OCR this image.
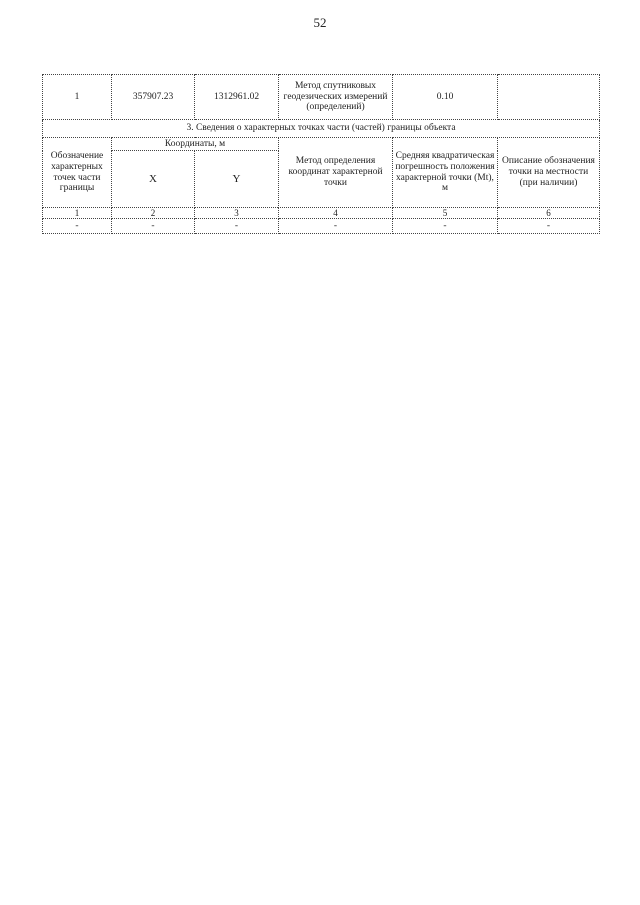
52
1	357907.23	1312961.02	Метод спутниковых геодезических измерений (определений)	0.10	
3. Сведения о характерных точках части (частей) границы объекта					
Обозначение характерных точек части границы	Координаты, м		Метод определения координат характерной точки	Средняя квадратическая погрешность положения характерной точки (Mt), м	Описание обозначения точки на местности (при наличии)
	X	Y			
1	2	3	4	5	6
-	-	-	-	-	-
